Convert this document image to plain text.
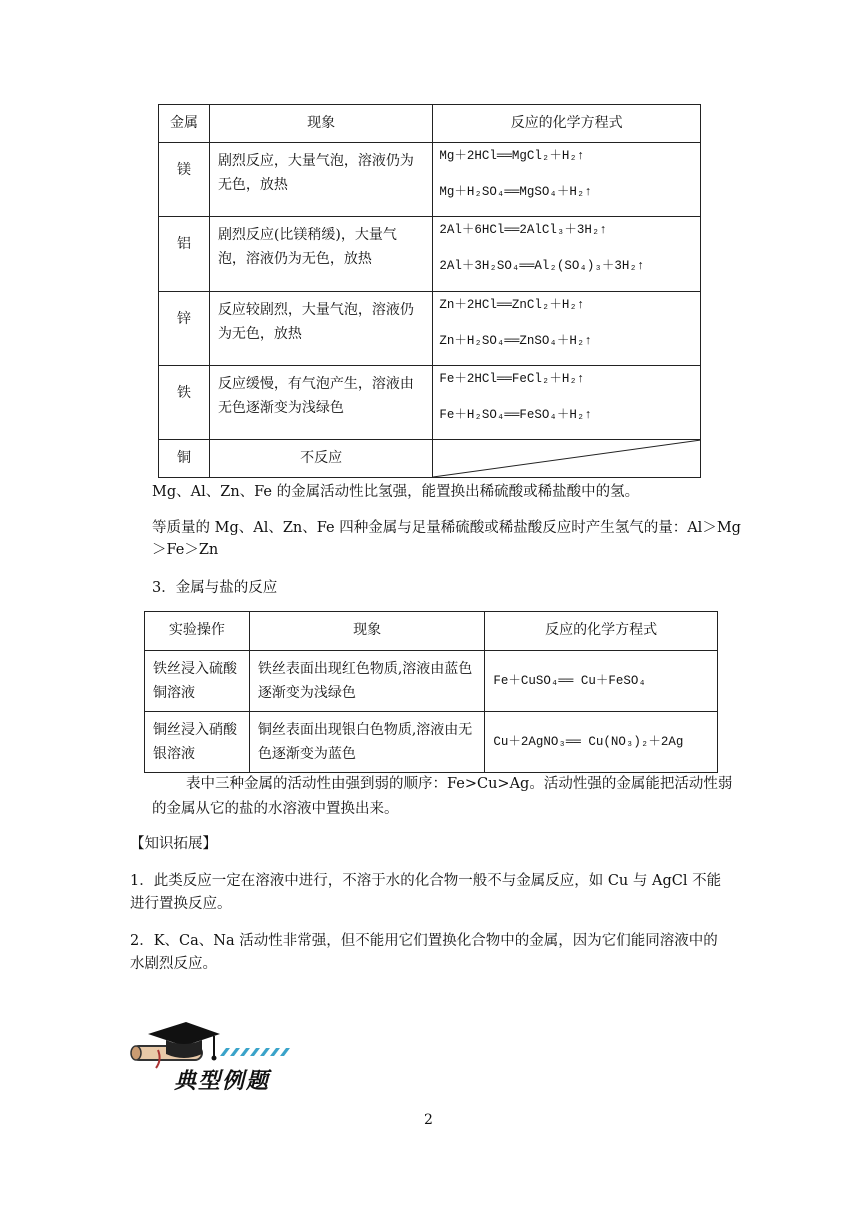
金属	现象	反应的化学方程式
镁	剧烈反应，大量气泡，溶液仍为无色，放热	Mg＋2HCl══MgCl₂＋H₂↑
Mg＋H₂SO₄══MgSO₄＋H₂↑

铝	剧烈反应(比镁稍缓)，大量气泡，溶液仍为无色，放热	2Al＋6HCl══2AlCl₃＋3H₂↑
2Al＋3H₂SO₄══Al₂(SO₄)₃＋3H₂↑

锌	反应较剧烈，大量气泡，溶液仍为无色，放热	Zn＋2HCl══ZnCl₂＋H₂↑
Zn＋H₂SO₄══ZnSO₄＋H₂↑

铁	反应缓慢，有气泡产生，溶液由无色逐渐变为浅绿色	Fe＋2HCl══FeCl₂＋H₂↑
Fe＋H₂SO₄══FeSO₄＋H₂↑

铜	不反应	
Mg、Al、Zn、Fe 的金属活动性比氢强，能置换出稀硫酸或稀盐酸中的氢。
等质量的 Mg、Al、Zn、Fe 四种金属与足量稀硫酸或稀盐酸反应时产生氢气的量：Al＞Mg
＞Fe＞Zn
3．金属与盐的反应
实验操作	现象	反应的化学方程式
铁丝浸入硫酸铜溶液	铁丝表面出现红色物质,溶液由蓝色逐渐变为浅绿色	Fe＋CuSO₄══ Cu＋FeSO₄
铜丝浸入硝酸银溶液	铜丝表面出现银白色物质,溶液由无色逐渐变为蓝色	Cu＋2AgNO₃══ Cu(NO₃)₂＋2Ag
表中三种金属的活动性由强到弱的顺序：Fe>Cu>Ag。活动性强的金属能把活动性弱
的金属从它的盐的水溶液中置换出来。
【知识拓展】
1．此类反应一定在溶液中进行，不溶于水的化合物一般不与金属反应，如 Cu 与 AgCl 不能
进行置换反应。
2．K、Ca、Na 活动性非常强，但不能用它们置换化合物中的金属，因为它们能同溶液中的
水剧烈反应。
典型例题
2
